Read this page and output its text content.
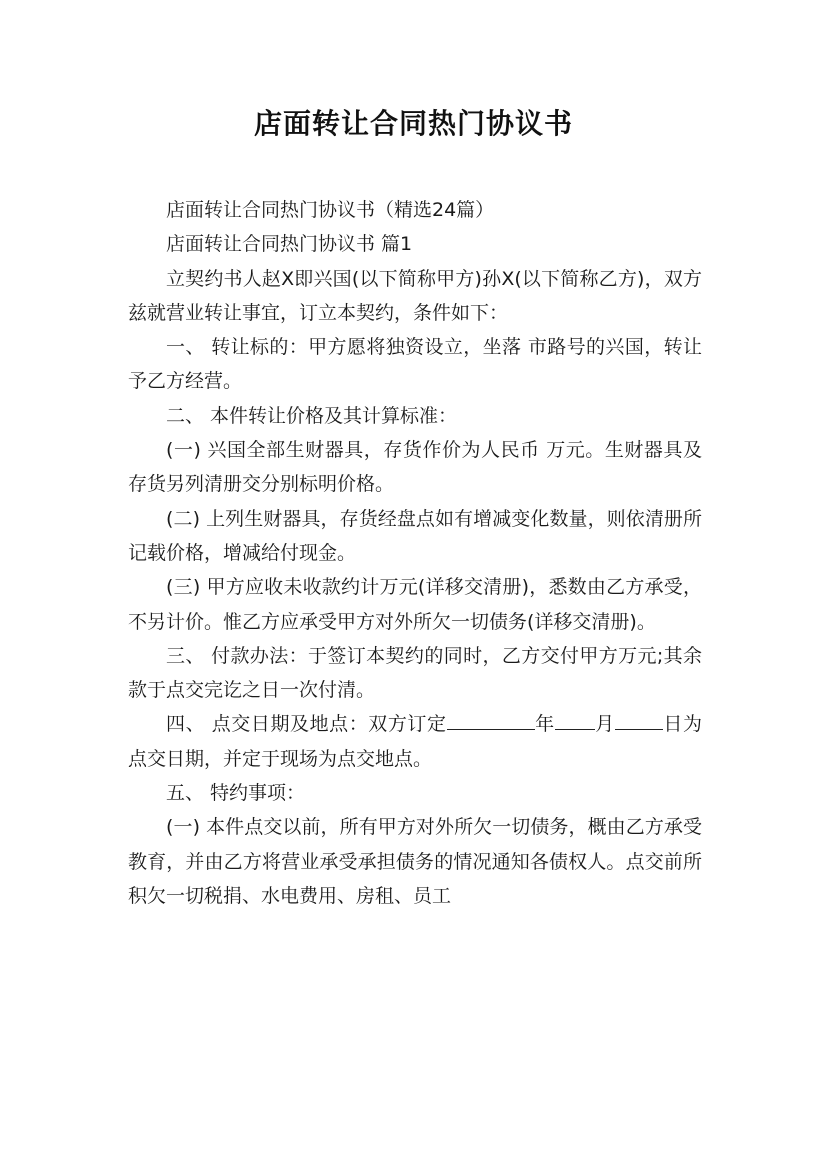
店面转让合同热门协议书

店面转让合同热门协议书（精选24篇）

店面转让合同热门协议书 篇1

立契约书人赵X即兴国(以下简称甲方)孙X(以下简称乙方)，双方兹就营业转让事宜，订立本契约，条件如下：

一、 转让标的：甲方愿将独资设立，坐落 市路号的兴国，转让予乙方经营。

二、 本件转让价格及其计算标准：

(一) 兴国全部生财器具，存货作价为人民币 万元。生财器具及存货另列清册交分别标明价格。

(二) 上列生财器具，存货经盘点如有增减变化数量，则依清册所记载价格，增减给付现金。

(三) 甲方应收未收款约计万元(详移交清册)，悉数由乙方承受，不另计价。惟乙方应承受甲方对外所欠一切债务(详移交清册)。

三、 付款办法：于签订本契约的同时，乙方交付甲方万元;其余款于点交完讫之日一次付清。

四、 点交日期及地点：双方订定	年 月	日为点交日期，并定于现场为点交地点。

五、 特约事项：

(一) 本件点交以前，所有甲方对外所欠一切债务，概由乙方承受教育，并由乙方将营业承受承担债务的情况通知各债权人。点交前所积欠一切税捐、水电费用、房租、员工
